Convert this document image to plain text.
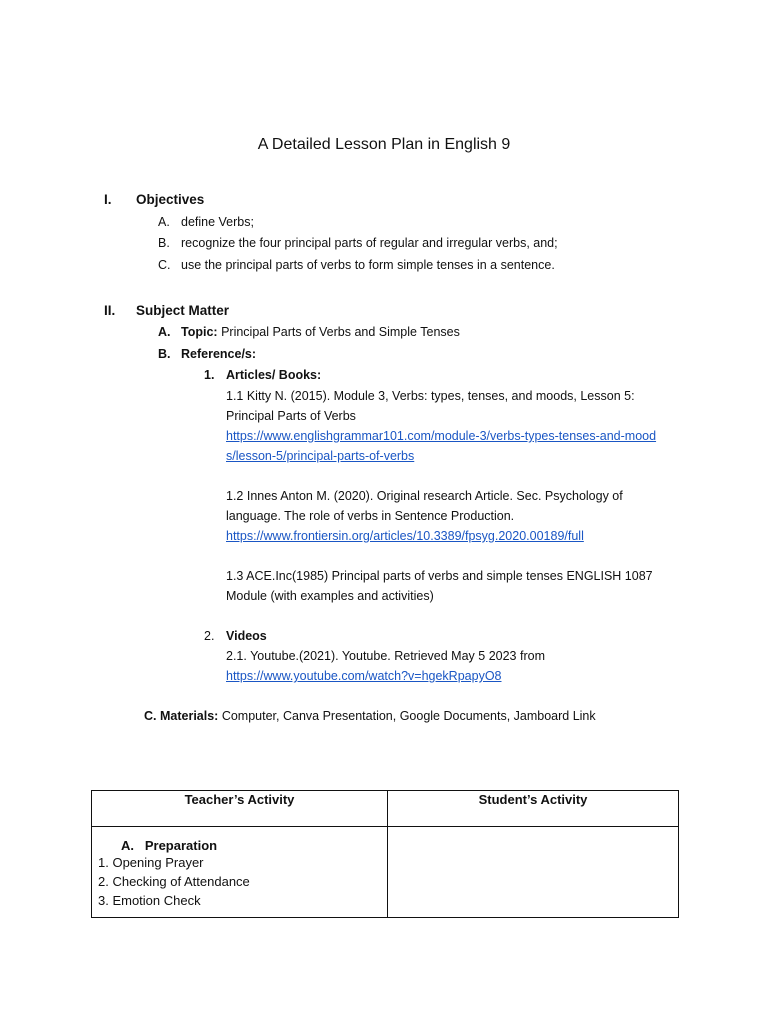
A Detailed Lesson Plan in English 9
I. Objectives
A. define Verbs;
B. recognize the four principal parts of regular and irregular verbs, and;
C. use the principal parts of verbs to form simple tenses in a sentence.
II. Subject Matter
A. Topic: Principal Parts of Verbs and Simple Tenses
B. Reference/s:
1. Articles/ Books:
1.1 Kitty N. (2015). Module 3, Verbs: types, tenses, and moods, Lesson 5:
Principal Parts of Verbs
https://www.englishgrammar101.com/module-3/verbs-types-tenses-and-mood
s/lesson-5/principal-parts-of-verbs
1.2 Innes Anton M. (2020). Original research Article. Sec. Psychology of
language. The role of verbs in Sentence Production.
https://www.frontiersin.org/articles/10.3389/fpsyg.2020.00189/full
1.3 ACE.Inc(1985) Principal parts of verbs and simple tenses ENGLISH 1087
Module (with examples and activities)
2. Videos
2.1. Youtube.(2021). Youtube. Retrieved May 5 2023 from
https://www.youtube.com/watch?v=hgekRpapyO8
C. Materials: Computer, Canva Presentation, Google Documents, Jamboard Link
Teacher’s Activity	Student’s Activity

A. Preparation
1. Opening Prayer
2. Checking of Attendance
3. Emotion Check	
